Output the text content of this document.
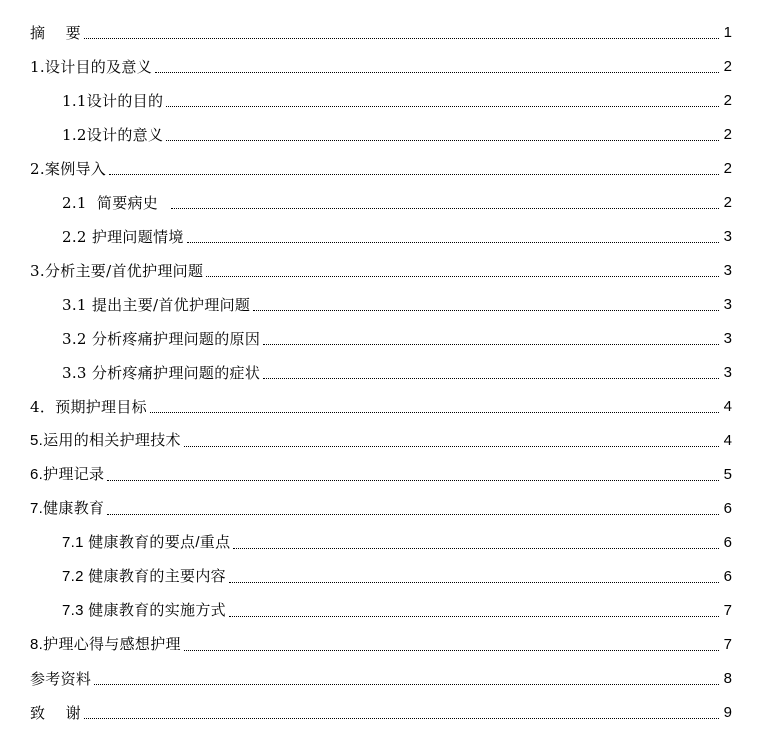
摘    要	1
1.设计目的及意义	2
1.1设计的目的	2
1.2设计的意义	2
2.案例导入	2
2.1  简要病史	2
2.2 护理问题情境	3
3.分析主要/首优护理问题	3
3.1 提出主要/首优护理问题	3
3.2 分析疼痛护理问题的原因	3
3.3 分析疼痛护理问题的症状	3
4．预期护理目标	4
5.运用的相关护理技术	4
6.护理记录	5
7.健康教育	6
7.1 健康教育的要点/重点	6
7.2 健康教育的主要内容	6
7.3 健康教育的实施方式	7
8.护理心得与感想护理	7
参考资料	8
致    谢	9
